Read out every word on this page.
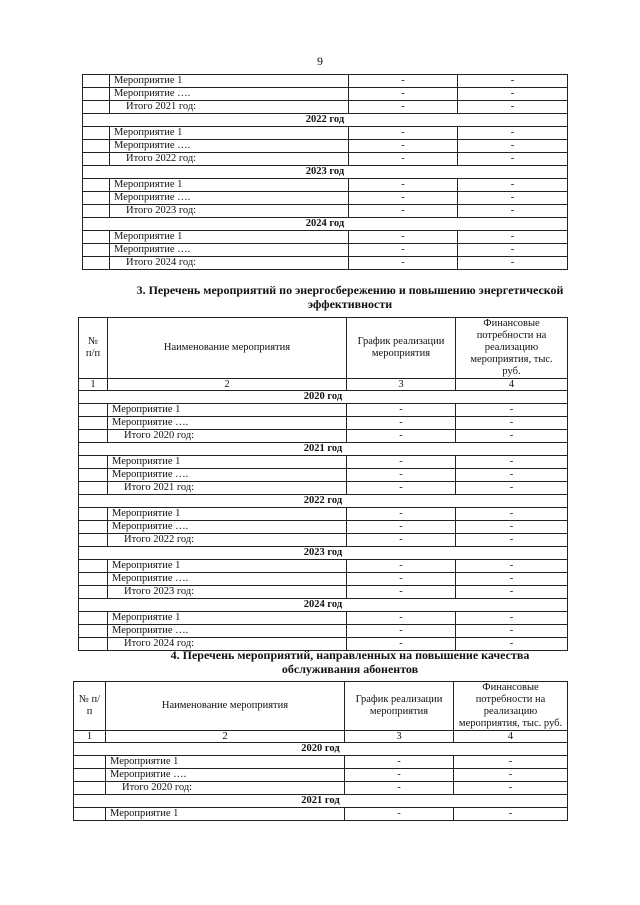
9
	Мероприятие 1	-	-
	Мероприятие ….	-	-
	Итого 2021 год:	-	-
2022 год			
	Мероприятие 1	-	-
	Мероприятие ….	-	-
	Итого 2022 год:	-	-
2023 год			
	Мероприятие 1	-	-
	Мероприятие ….	-	-
	Итого 2023 год:	-	-
2024 год			
	Мероприятие 1	-	-
	Мероприятие ….	-	-
	Итого 2024 год:	-	-
3. Перечень мероприятий по энергосбережению и повышению энергетической
эффективности
№ п/п	Наименование мероприятия	График реализации мероприятия	Финансовые потребности на реализацию мероприятия, тыс. руб.
1	2	3	4
2020 год			
	Мероприятие 1	-	-
	Мероприятие ….	-	-
	Итого 2020 год:	-	-
2021 год			
	Мероприятие 1	-	-
	Мероприятие ….	-	-
	Итого 2021 год:	-	-
2022 год			
	Мероприятие 1	-	-
	Мероприятие ….	-	-
	Итого 2022 год:	-	-
2023 год			
	Мероприятие 1	-	-
	Мероприятие ….	-	-
	Итого 2023 год:	-	-
2024 год			
	Мероприятие 1	-	-
	Мероприятие ….	-	-
	Итого 2024 год:	-	-
4. Перечень мероприятий, направленных на повышение качества
обслуживания абонентов
№ п/п	Наименование мероприятия	График реализации мероприятия	Финансовые потребности на реализацию мероприятия, тыс. руб.
1	2	3	4
2020 год			
	Мероприятие 1	-	-
	Мероприятие ….	-	-
	Итого 2020 год:	-	-
2021 год			
	Мероприятие 1	-	-
